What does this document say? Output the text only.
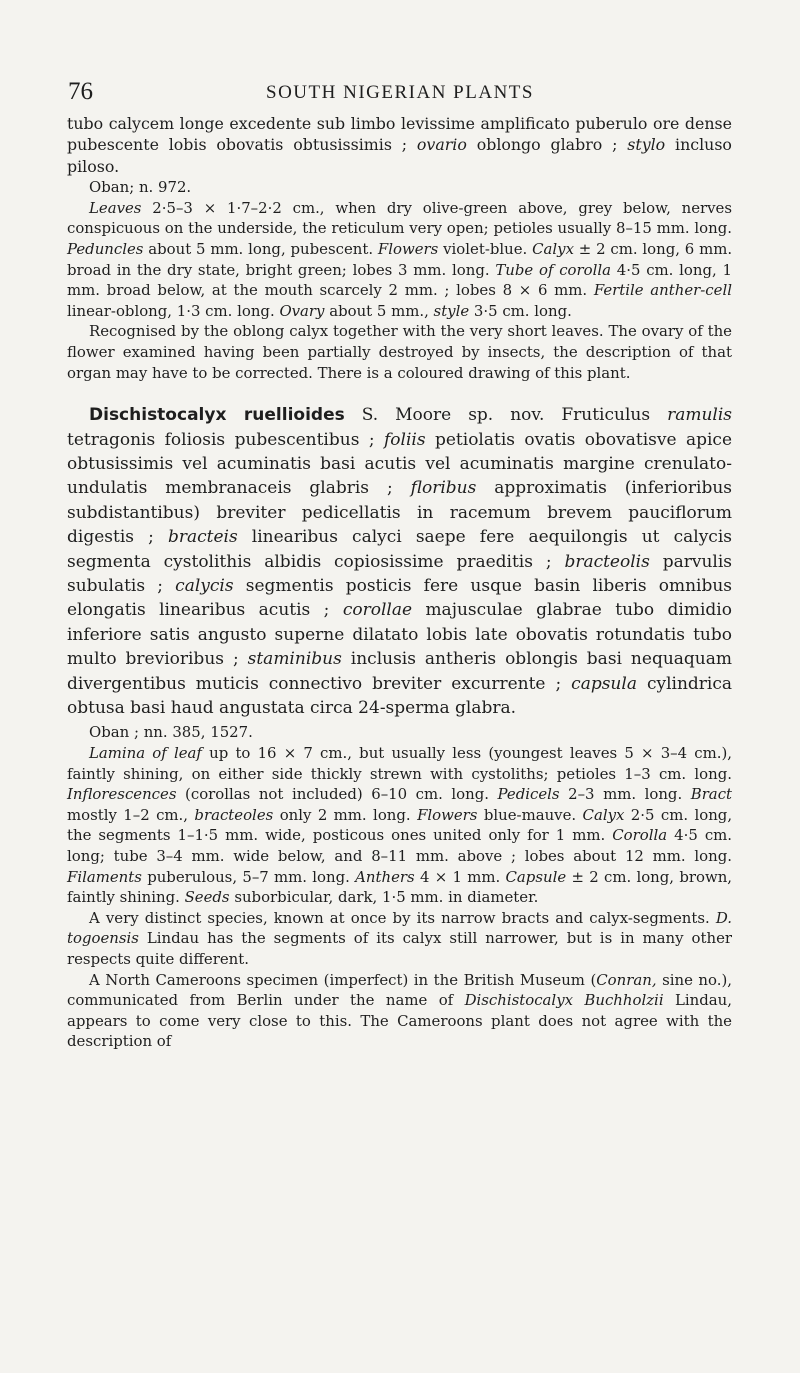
76	SOUTH NIGERIAN PLANTS

tubo calycem longe excedente sub limbo levissime amplificato puberulo ore dense pubescente lobis obovatis obtusissimis ; ovario oblongo glabro ; stylo incluso piloso.

Oban; n. 972.

Leaves 2·5–3 × 1·7–2·2 cm., when dry olive-green above, grey below, nerves conspicuous on the underside, the reticulum very open; petioles usually 8–15 mm. long. Peduncles about 5 mm. long, pubescent. Flowers violet-blue. Calyx ± 2 cm. long, 6 mm. broad in the dry state, bright green; lobes 3 mm. long. Tube of corolla 4·5 cm. long, 1 mm. broad below, at the mouth scarcely 2 mm. ; lobes 8 × 6 mm. Fertile anther-cell linear-oblong, 1·3 cm. long. Ovary about 5 mm., style 3·5 cm. long.

Recognised by the oblong calyx together with the very short leaves. The ovary of the flower examined having been partially destroyed by insects, the description of that organ may have to be corrected. There is a coloured drawing of this plant.

Dischistocalyx ruellioides S. Moore sp. nov. Fruticulus ramulis tetragonis foliosis pubescentibus ; foliis petiolatis ovatis obovatisve apice obtusissimis vel acuminatis basi acutis vel acuminatis margine crenulato-undulatis membranaceis glabris ; floribus approximatis (inferioribus subdistantibus) breviter pedicellatis in racemum brevem pauciflorum digestis ; bracteis linearibus calyci saepe fere aequilongis ut calycis segmenta cystolithis albidis copiosissime praeditis ; bracteolis parvulis subulatis ; calycis segmentis posticis fere usque basin liberis omnibus elongatis linearibus acutis ; corollae majusculae glabrae tubo dimidio inferiore satis angusto superne dilatato lobis late obovatis rotundatis tubo multo brevioribus ; staminibus inclusis antheris oblongis basi nequaquam divergentibus muticis connectivo breviter excurrente ; capsula cylindrica obtusa basi haud angustata circa 24-sperma glabra.

Oban ; nn. 385, 1527.

Lamina of leaf up to 16 × 7 cm., but usually less (youngest leaves 5 × 3–4 cm.), faintly shining, on either side thickly strewn with cystoliths; petioles 1–3 cm. long. Inflorescences (corollas not included) 6–10 cm. long. Pedicels 2–3 mm. long. Bract mostly 1–2 cm., bracteoles only 2 mm. long. Flowers blue-mauve. Calyx 2·5 cm. long, the segments 1–1·5 mm. wide, posticous ones united only for 1 mm. Corolla 4·5 cm. long; tube 3–4 mm. wide below, and 8–11 mm. above ; lobes about 12 mm. long. Filaments puberulous, 5–7 mm. long. Anthers 4 × 1 mm. Capsule ± 2 cm. long, brown, faintly shining. Seeds suborbicular, dark, 1·5 mm. in diameter.

A very distinct species, known at once by its narrow bracts and calyx-segments. D. togoensis Lindau has the segments of its calyx still narrower, but is in many other respects quite different.

A North Cameroons specimen (imperfect) in the British Museum (Conran, sine no.), communicated from Berlin under the name of Dischistocalyx Buchholzii Lindau, appears to come very close to this. The Cameroons plant does not agree with the description of
